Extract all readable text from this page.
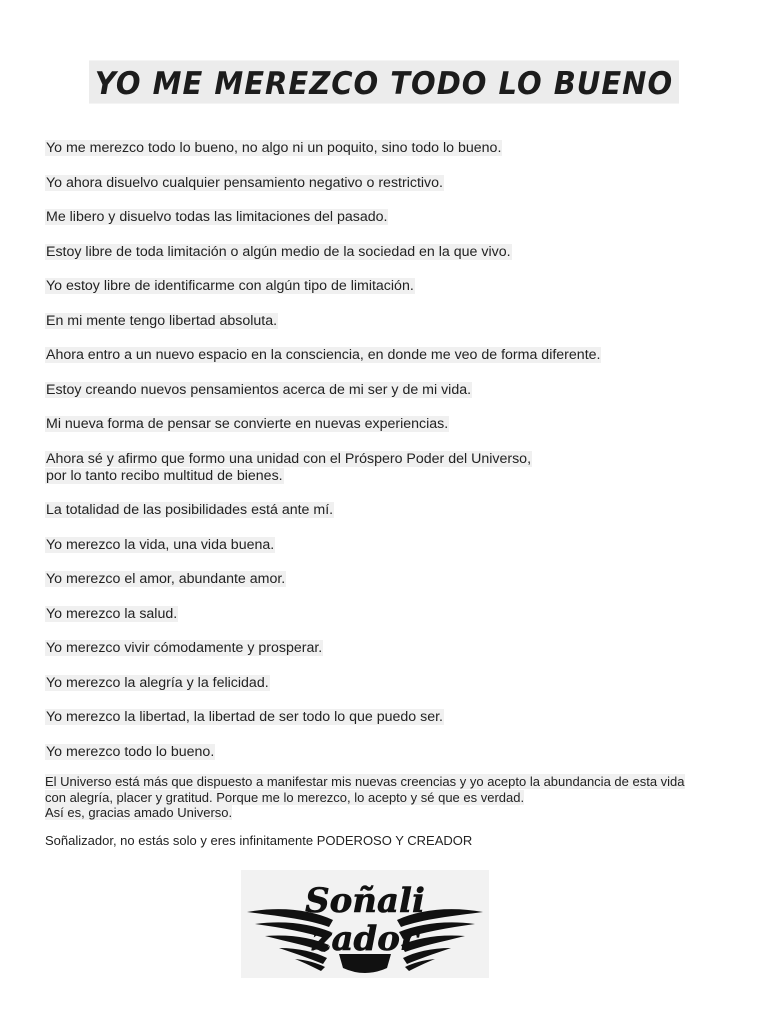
YO ME MEREZCO TODO LO BUENO

Yo me merezco todo lo bueno, no algo ni un poquito, sino todo lo bueno.

Yo ahora disuelvo cualquier pensamiento negativo o restrictivo.

Me libero y disuelvo todas las limitaciones del pasado.

Estoy libre de toda limitación o algún medio de la sociedad en la que vivo.

Yo estoy libre de identificarme con algún tipo de limitación.

En mi mente tengo libertad absoluta.

Ahora entro a un nuevo espacio en la consciencia, en donde me veo de forma diferente.

Estoy creando nuevos pensamientos acerca de mi ser y de mi vida.

Mi nueva forma de pensar se convierte en nuevas experiencias.

Ahora sé y afirmo que formo una unidad con el Próspero Poder del Universo,
por lo tanto recibo multitud de bienes.

La totalidad de las posibilidades está ante mí.

Yo merezco la vida, una vida buena.

Yo merezco el amor, abundante amor.

Yo merezco la salud.

Yo merezco vivir cómodamente y prosperar.

Yo merezco la alegría y la felicidad.

Yo merezco la libertad, la libertad de ser todo lo que puedo ser.

Yo merezco todo lo bueno.

El Universo está más que dispuesto a manifestar mis nuevas creencias y yo acepto la abundancia de esta vida
con alegría, placer y gratitud. Porque me lo merezco, lo acepto y sé que es verdad.
Así es, gracias amado Universo.

Soñalizador, no estás solo y eres infinitamente PODEROSO Y CREADOR

Soñali
zador
